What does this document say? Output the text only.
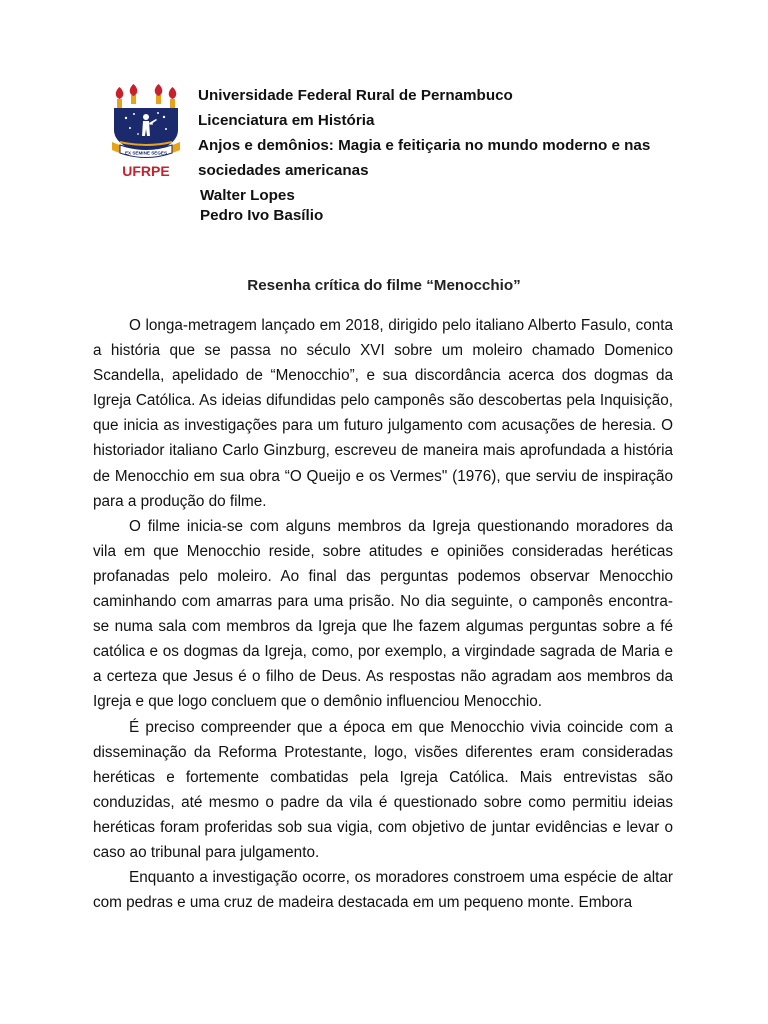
EX SEMINE SEGES
UFRPE
Universidade Federal Rural de Pernambuco
Licenciatura em História
Anjos e demônios: Magia e feitiçaria no mundo moderno e nas
sociedades americanas
Walter Lopes
Pedro Ivo Basílio
Resenha crítica do filme “Menocchio”

O longa-metragem lançado em 2018, dirigido pelo italiano Alberto Fasulo, conta a história que se passa no século XVI sobre um moleiro chamado Domenico Scandella, apelidado de “Menocchio”, e sua discordância acerca dos dogmas da Igreja Católica. As ideias difundidas pelo camponês são descobertas pela Inquisição, que inicia as investigações para um futuro julgamento com acusações de heresia. O historiador italiano Carlo Ginzburg, escreveu de maneira mais aprofundada a história de Menocchio em sua obra “O Queijo e os Vermes" (1976), que serviu de inspiração para a produção do filme.

O filme inicia-se com alguns membros da Igreja questionando moradores da vila em que Menocchio reside, sobre atitudes e opiniões consideradas heréticas profanadas pelo moleiro. Ao final das perguntas podemos observar Menocchio caminhando com amarras para uma prisão. No dia seguinte, o camponês encontra-se numa sala com membros da Igreja que lhe fazem algumas perguntas sobre a fé católica e os dogmas da Igreja, como, por exemplo, a virgindade sagrada de Maria e a certeza que Jesus é o filho de Deus. As respostas não agradam aos membros da Igreja e que logo concluem que o demônio influenciou Menocchio.

É preciso compreender que a época em que Menocchio vivia coincide com a disseminação da Reforma Protestante, logo, visões diferentes eram consideradas heréticas e fortemente combatidas pela Igreja Católica. Mais entrevistas são conduzidas, até mesmo o padre da vila é questionado sobre como permitiu ideias heréticas foram proferidas sob sua vigia, com objetivo de juntar evidências e levar o caso ao tribunal para julgamento.

Enquanto a investigação ocorre, os moradores constroem uma espécie de altar com pedras e uma cruz de madeira destacada em um pequeno monte. Embora
